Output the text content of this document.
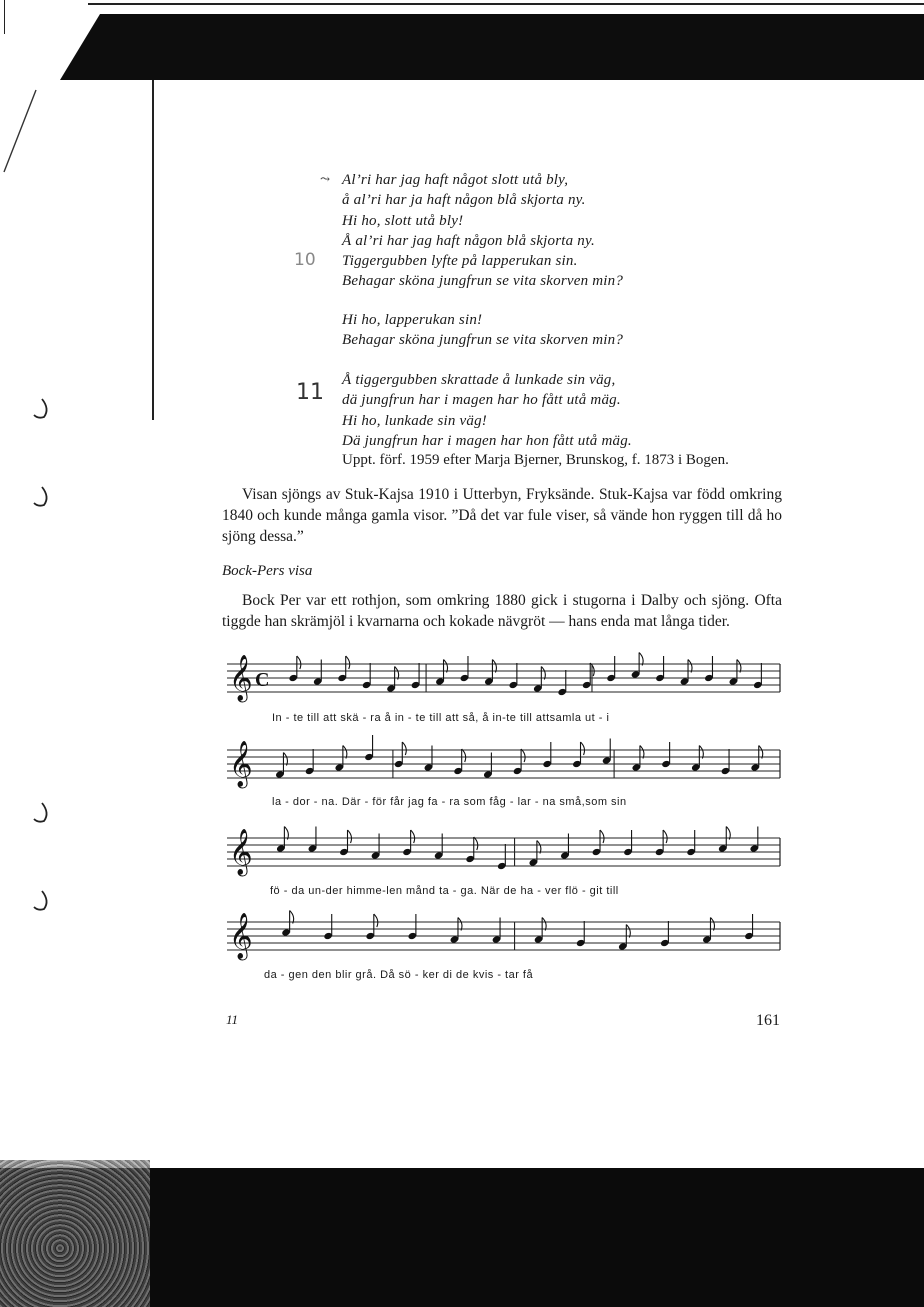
10
11
⤳ Al’ri har jag haft något slott utå bly,
å al’ri har ja haft någon blå skjorta ny.
Hi ho, slott utå bly!
Å al’ri har jag haft någon blå skjorta ny.
Tiggergubben lyfte på lapperukan sin.
Behagar sköna jungfrun se vita skorven min?
Hi ho, lapperukan sin!
Behagar sköna jungfrun se vita skorven min?
Å tiggergubben skrattade å lunkade sin väg,
dä jungfrun har i magen har ho fått utå mäg.
Hi ho, lunkade sin väg!
Dä jungfrun har i magen har hon fått utå mäg.
Uppt. förf. 1959 efter Marja Bjerner, Brunskog, f. 1873 i Bogen.

Visan sjöngs av Stuk-Kajsa 1910 i Utterbyn, Fryksände. Stuk-Kajsa var född omkring 1840 och kunde många gamla visor. ”Då det var fule viser, så vände hon ryggen till då ho sjöng dessa.”

Bock-Pers visa

Bock Per var ett rothjon, som omkring 1880 gick i stugorna i Dalby och sjöng. Ofta tiggde han skrämjöl i kvarnarna och kokade nävgröt — hans enda mat långa tider.

𝄞 C
𝄞
𝄞
𝄞
In - te till att skä - ra å in - te till att så, å in-te till attsamla ut - i
la - dor - na. Där - för får jag fa - ra som fåg - lar - na små,som sin
fö - da un-der himme-len månd ta - ga. När de ha - ver flö - git till
da - gen den blir grå. Då sö - ker di de kvis - tar få
11	161
